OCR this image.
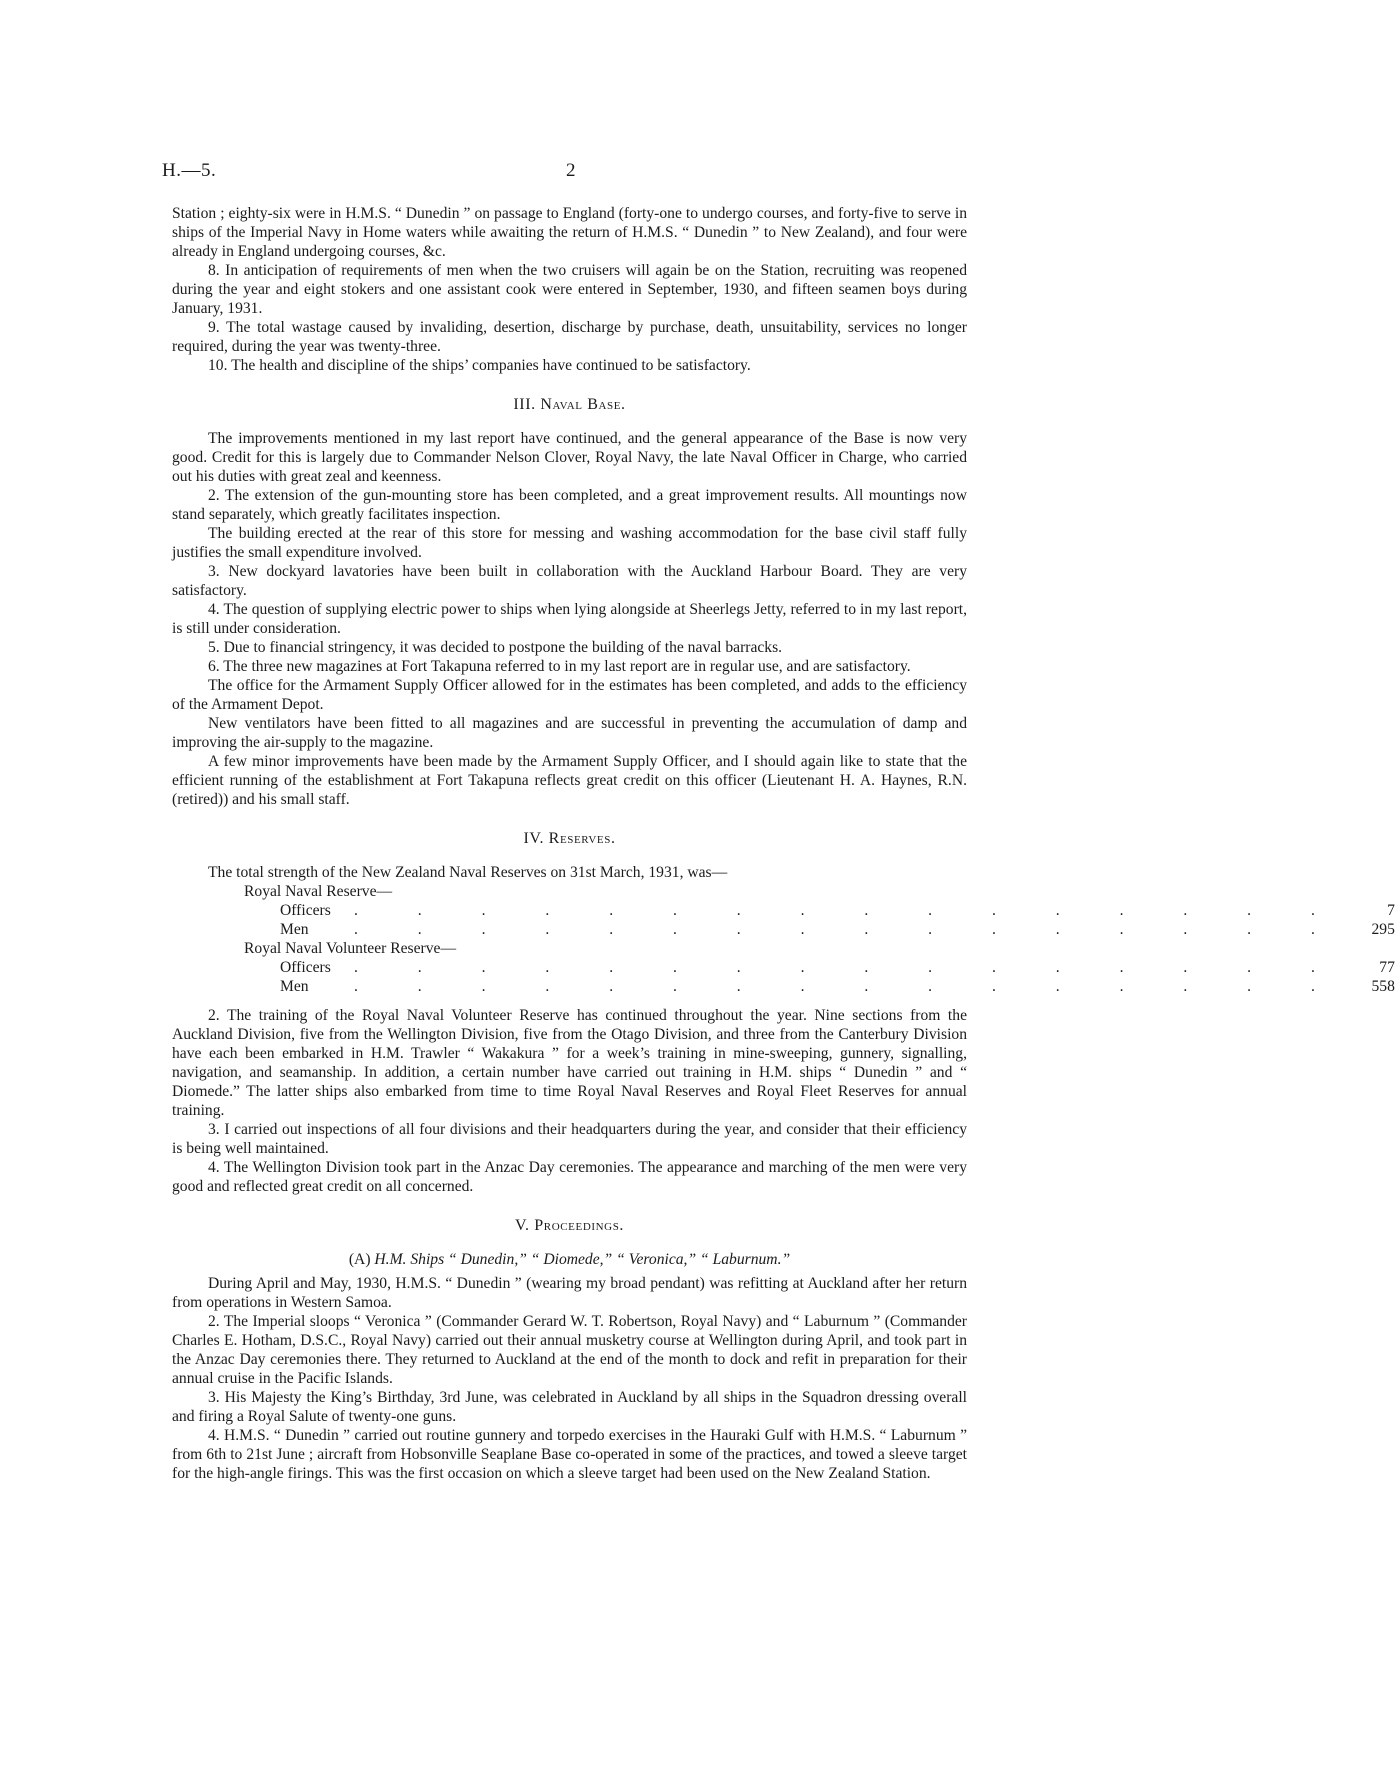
H.—5.	2

Station ; eighty-six were in H.M.S. “ Dunedin ” on passage to England (forty-one to undergo courses, and forty-five to serve in ships of the Imperial Navy in Home waters while awaiting the return of H.M.S. “ Dunedin ” to New Zealand), and four were already in England undergoing courses, &c.

8. In anticipation of requirements of men when the two cruisers will again be on the Station, recruiting was reopened during the year and eight stokers and one assistant cook were entered in September, 1930, and fifteen seamen boys during January, 1931.

9. The total wastage caused by invaliding, desertion, discharge by purchase, death, unsuitability, services no longer required, during the year was twenty-three.

10. The health and discipline of the ships’ companies have continued to be satisfactory.

III. Naval Base.

The improvements mentioned in my last report have continued, and the general appearance of the Base is now very good. Credit for this is largely due to Commander Nelson Clover, Royal Navy, the late Naval Officer in Charge, who carried out his duties with great zeal and keenness.

2. The extension of the gun-mounting store has been completed, and a great improvement results. All mountings now stand separately, which greatly facilitates inspection.

The building erected at the rear of this store for messing and washing accommodation for the base civil staff fully justifies the small expenditure involved.

3. New dockyard lavatories have been built in collaboration with the Auckland Harbour Board. They are very satisfactory.

4. The question of supplying electric power to ships when lying alongside at Sheerlegs Jetty, referred to in my last report, is still under consideration.

5. Due to financial stringency, it was decided to postpone the building of the naval barracks.

6. The three new magazines at Fort Takapuna referred to in my last report are in regular use, and are satisfactory.

The office for the Armament Supply Officer allowed for in the estimates has been completed, and adds to the efficiency of the Armament Depot.

New ventilators have been fitted to all magazines and are successful in preventing the accumulation of damp and improving the air-supply to the magazine.

A few minor improvements have been made by the Armament Supply Officer, and I should again like to state that the efficient running of the establishment at Fort Takapuna reflects great credit on this officer (Lieutenant H. A. Haynes, R.N. (retired)) and his small staff.

IV. Reserves.

The total strength of the New Zealand Naval Reserves on 31st March, 1931, was—

Royal Naval Reserve—
Officers	. . . . . . . . . . . . . . . .	7
Men	. . . . . . . . . . . . . . . .	295
Royal Naval Volunteer Reserve—
Officers	. . . . . . . . . . . . . . . .	77
Men	. . . . . . . . . . . . . . . .	558

2. The training of the Royal Naval Volunteer Reserve has continued throughout the year. Nine sections from the Auckland Division, five from the Wellington Division, five from the Otago Division, and three from the Canterbury Division have each been embarked in H.M. Trawler “ Wakakura ” for a week’s training in mine-sweeping, gunnery, signalling, navigation, and seamanship. In addition, a certain number have carried out training in H.M. ships “ Dunedin ” and “ Diomede.” The latter ships also embarked from time to time Royal Naval Reserves and Royal Fleet Reserves for annual training.

3. I carried out inspections of all four divisions and their headquarters during the year, and consider that their efficiency is being well maintained.

4. The Wellington Division took part in the Anzac Day ceremonies. The appearance and marching of the men were very good and reflected great credit on all concerned.

V. Proceedings.
(A) H.M. Ships “ Dunedin,” “ Diomede,” “ Veronica,” “ Laburnum.”

During April and May, 1930, H.M.S. “ Dunedin ” (wearing my broad pendant) was refitting at Auckland after her return from operations in Western Samoa.

2. The Imperial sloops “ Veronica ” (Commander Gerard W. T. Robertson, Royal Navy) and “ Laburnum ” (Commander Charles E. Hotham, D.S.C., Royal Navy) carried out their annual musketry course at Wellington during April, and took part in the Anzac Day ceremonies there. They returned to Auckland at the end of the month to dock and refit in preparation for their annual cruise in the Pacific Islands.

3. His Majesty the King’s Birthday, 3rd June, was celebrated in Auckland by all ships in the Squadron dressing overall and firing a Royal Salute of twenty-one guns.

4. H.M.S. “ Dunedin ” carried out routine gunnery and torpedo exercises in the Hauraki Gulf with H.M.S. “ Laburnum ” from 6th to 21st June ; aircraft from Hobsonville Seaplane Base co-operated in some of the practices, and towed a sleeve target for the high-angle firings. This was the first occasion on which a sleeve target had been used on the New Zealand Station.
